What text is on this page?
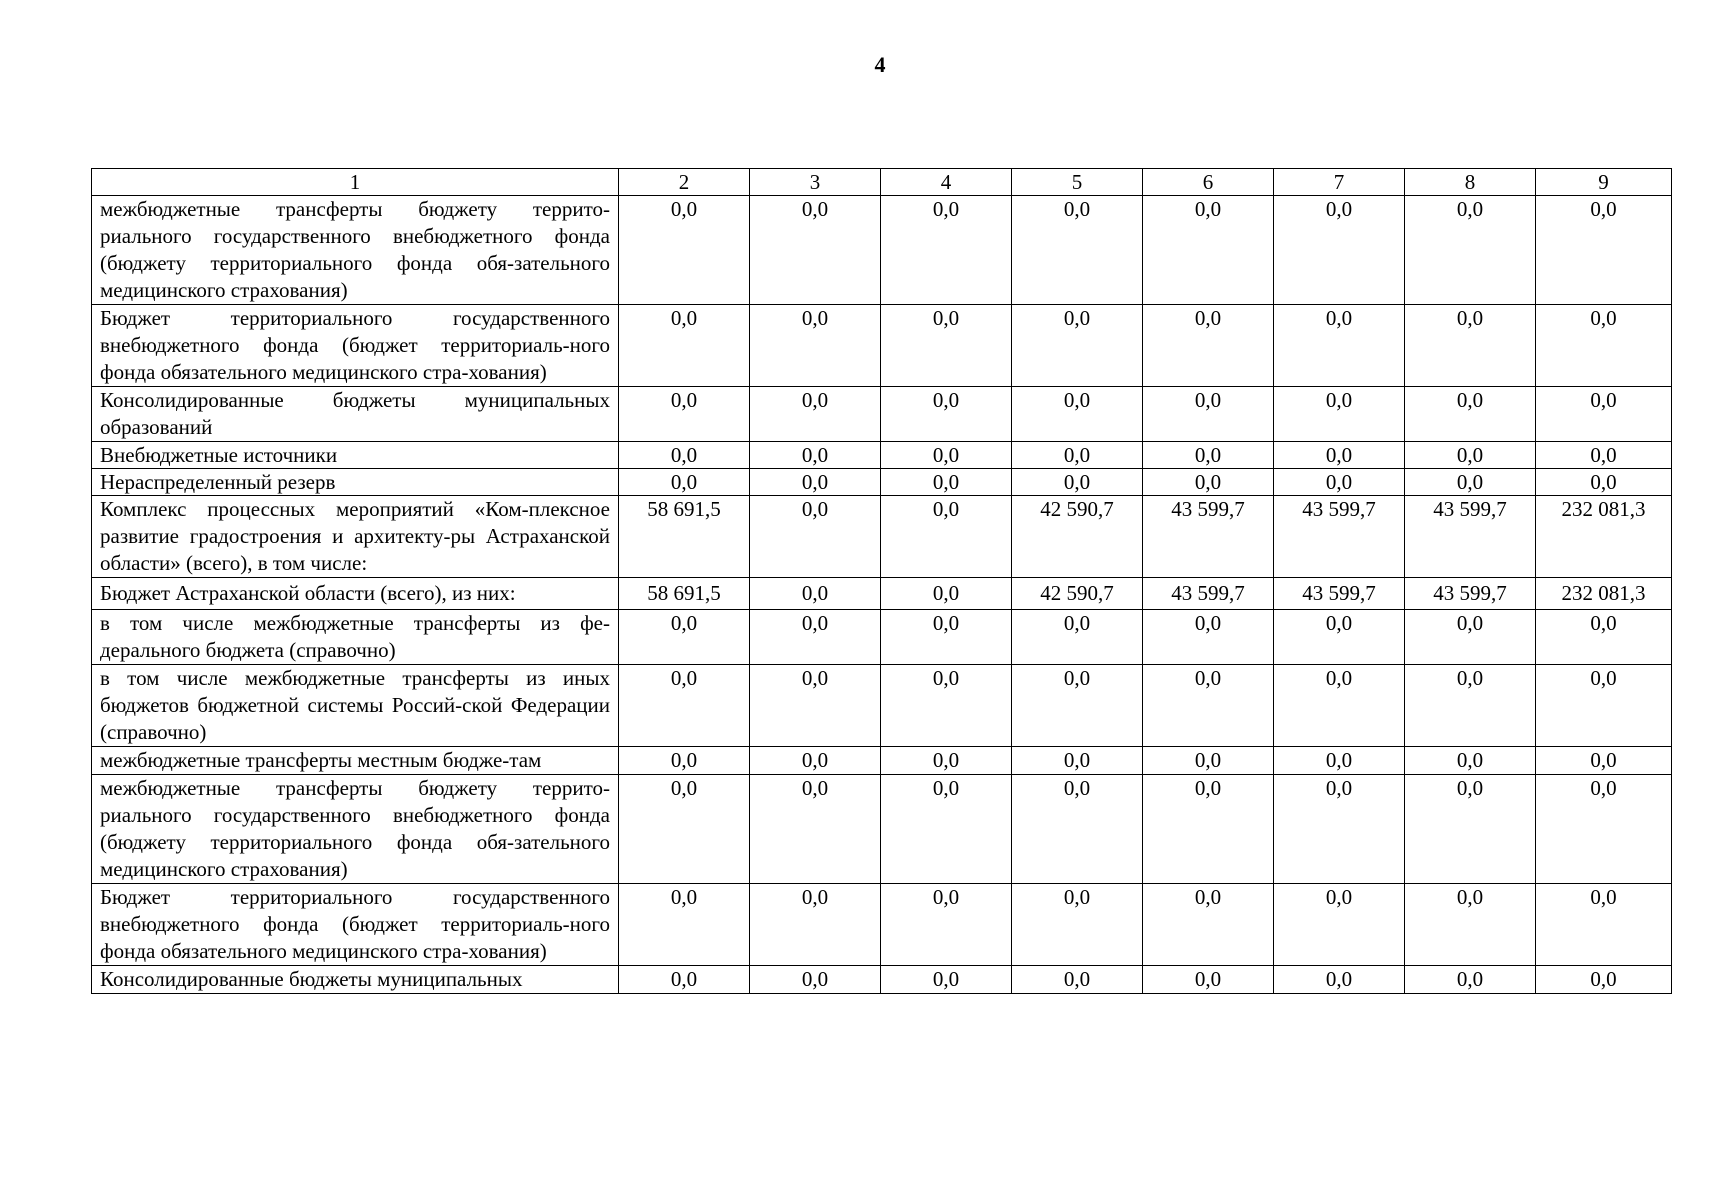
4
1	2	3	4	5	6	7	8	9
межбюджетные трансферты бюджету террито-риального государственного внебюджетного фонда (бюджету территориального фонда обя-зательного медицинского страхования)	0,0	0,0	0,0	0,0	0,0	0,0	0,0	0,0
Бюджет территориального государственного внебюджетного фонда (бюджет территориаль-ного фонда обязательного медицинского стра-хования)	0,0	0,0	0,0	0,0	0,0	0,0	0,0	0,0
Консолидированные бюджеты муниципальных образований	0,0	0,0	0,0	0,0	0,0	0,0	0,0	0,0
Внебюджетные источники	0,0	0,0	0,0	0,0	0,0	0,0	0,0	0,0
Нераспределенный резерв	0,0	0,0	0,0	0,0	0,0	0,0	0,0	0,0
Комплекс процессных мероприятий «Ком-плексное развитие градостроения и архитекту-ры Астраханской области» (всего), в том числе:	58 691,5	0,0	0,0	42 590,7	43 599,7	43 599,7	43 599,7	232 081,3
Бюджет Астраханской области (всего), из них:	58 691,5	0,0	0,0	42 590,7	43 599,7	43 599,7	43 599,7	232 081,3
в том числе межбюджетные трансферты из фе-дерального бюджета (справочно)	0,0	0,0	0,0	0,0	0,0	0,0	0,0	0,0
в том числе межбюджетные трансферты из иных бюджетов бюджетной системы Россий-ской Федерации (справочно)	0,0	0,0	0,0	0,0	0,0	0,0	0,0	0,0
межбюджетные трансферты местным бюдже-там	0,0	0,0	0,0	0,0	0,0	0,0	0,0	0,0
межбюджетные трансферты бюджету террито-риального государственного внебюджетного фонда (бюджету территориального фонда обя-зательного медицинского страхования)	0,0	0,0	0,0	0,0	0,0	0,0	0,0	0,0
Бюджет территориального государственного внебюджетного фонда (бюджет территориаль-ного фонда обязательного медицинского стра-хования)	0,0	0,0	0,0	0,0	0,0	0,0	0,0	0,0
Консолидированные бюджеты муниципальных	0,0	0,0	0,0	0,0	0,0	0,0	0,0	0,0
